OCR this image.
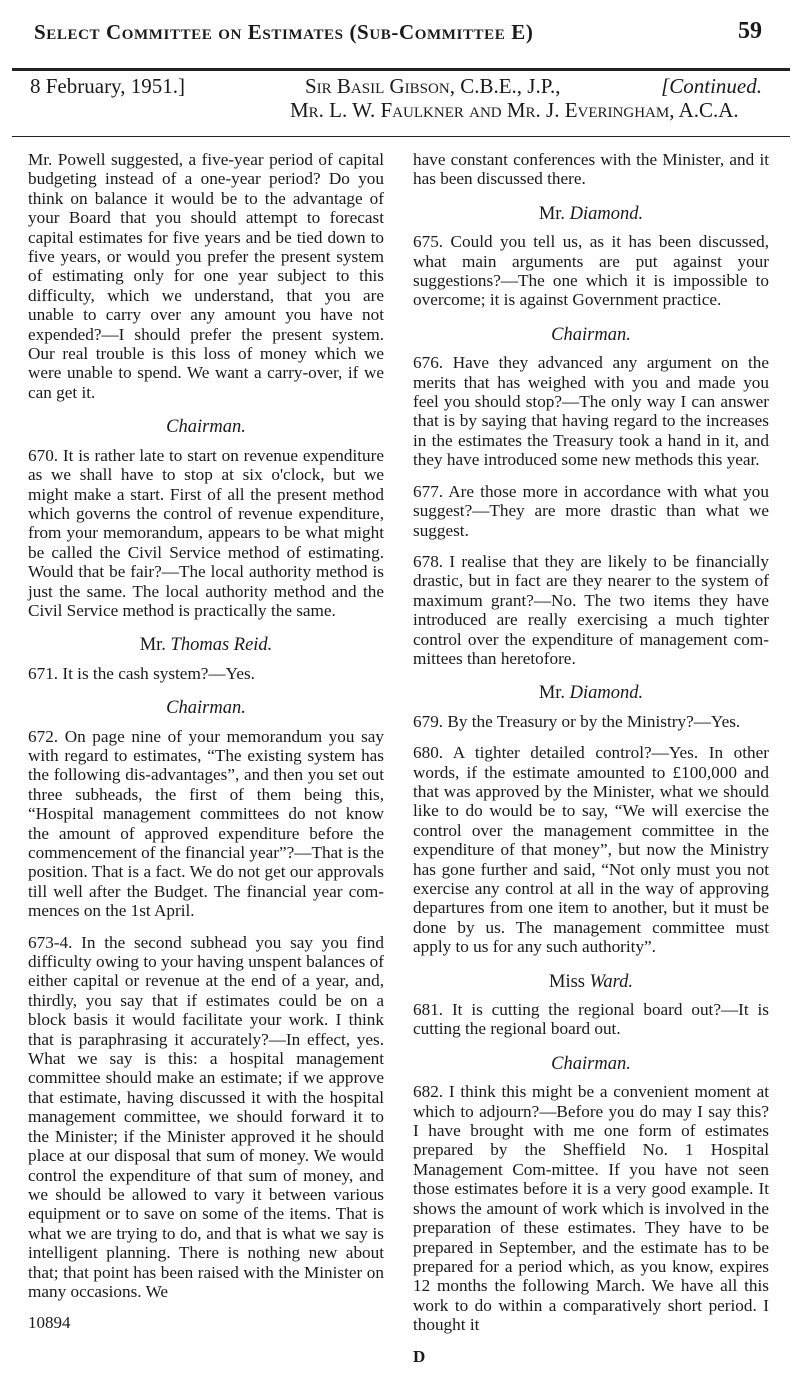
Select Committee on Estimates (Sub-Committee E)	59
8 February, 1951.]	Sir Basil Gibson, C.B.E., J.P.,	[Continued.
Mr. L. W. Faulkner and Mr. J. Everingham, A.C.A.

Mr. Powell suggested, a five-year period of capital budgeting instead of a one-year period? Do you think on balance it would be to the advantage of your Board that you should attempt to forecast capital estimates for five years and be tied down to five years, or would you prefer the present system of estimating only for one year subject to this difficulty, which we understand, that you are unable to carry over any amount you have not expended?—I should prefer the present system. Our real trouble is this loss of money which we were unable to spend. We want a carry-over, if we can get it.

Chairman.

670. It is rather late to start on revenue expenditure as we shall have to stop at six o'clock, but we might make a start. First of all the present method which governs the control of revenue expenditure, from your memorandum, appears to be what might be called the Civil Service method of estimating. Would that be fair?—The local authority method is just the same. The local authority method and the Civil Service method is practically the same.

Mr. Thomas Reid.

671. It is the cash system?—Yes.

Chairman.

672. On page nine of your memorandum you say with regard to estimates, “The existing system has the following dis-advantages”, and then you set out three subheads, the first of them being this, “Hospital management committees do not know the amount of approved expenditure before the commencement of the financial year”?—That is the position. That is a fact. We do not get our approvals till well after the Budget. The financial year com-mences on the 1st April.

673-4. In the second subhead you say you find difficulty owing to your having unspent balances of either capital or revenue at the end of a year, and, thirdly, you say that if estimates could be on a block basis it would facilitate your work. I think that is paraphrasing it accurately?—In effect, yes. What we say is this: a hospital management committee should make an estimate; if we approve that estimate, having discussed it with the hospital management committee, we should forward it to the Minister; if the Minister approved it he should place at our disposal that sum of money. We would control the expenditure of that sum of money, and we should be allowed to vary it between various equipment or to save on some of the items. That is what we are trying to do, and that is what we say is intelligent planning. There is nothing new about that; that point has been raised with the Minister on many occasions. We

10894

have constant conferences with the Minister, and it has been discussed there.

Mr. Diamond.

675. Could you tell us, as it has been discussed, what main arguments are put against your suggestions?—The one which it is impossible to overcome; it is against Government practice.

Chairman.

676. Have they advanced any argument on the merits that has weighed with you and made you feel you should stop?—The only way I can answer that is by saying that having regard to the increases in the estimates the Treasury took a hand in it, and they have introduced some new methods this year.

677. Are those more in accordance with what you suggest?—They are more drastic than what we suggest.

678. I realise that they are likely to be financially drastic, but in fact are they nearer to the system of maximum grant?—No. The two items they have introduced are really exercising a much tighter control over the expenditure of management com-mittees than heretofore.

Mr. Diamond.

679. By the Treasury or by the Ministry?—Yes.

680. A tighter detailed control?—Yes. In other words, if the estimate amounted to £100,000 and that was approved by the Minister, what we should like to do would be to say, “We will exercise the control over the management committee in the expenditure of that money”, but now the Ministry has gone further and said, “Not only must you not exercise any control at all in the way of approving departures from one item to another, but it must be done by us. The management committee must apply to us for any such authority”.

Miss Ward.

681. It is cutting the regional board out?—It is cutting the regional board out.

Chairman.

682. I think this might be a convenient moment at which to adjourn?—Before you do may I say this? I have brought with me one form of estimates prepared by the Sheffield No. 1 Hospital Management Com-mittee. If you have not seen those estimates before it is a very good example. It shows the amount of work which is involved in the preparation of these estimates. They have to be prepared in September, and the estimate has to be prepared for a period which, as you know, expires 12 months the following March. We have all this work to do within a comparatively short period. I thought it

D
